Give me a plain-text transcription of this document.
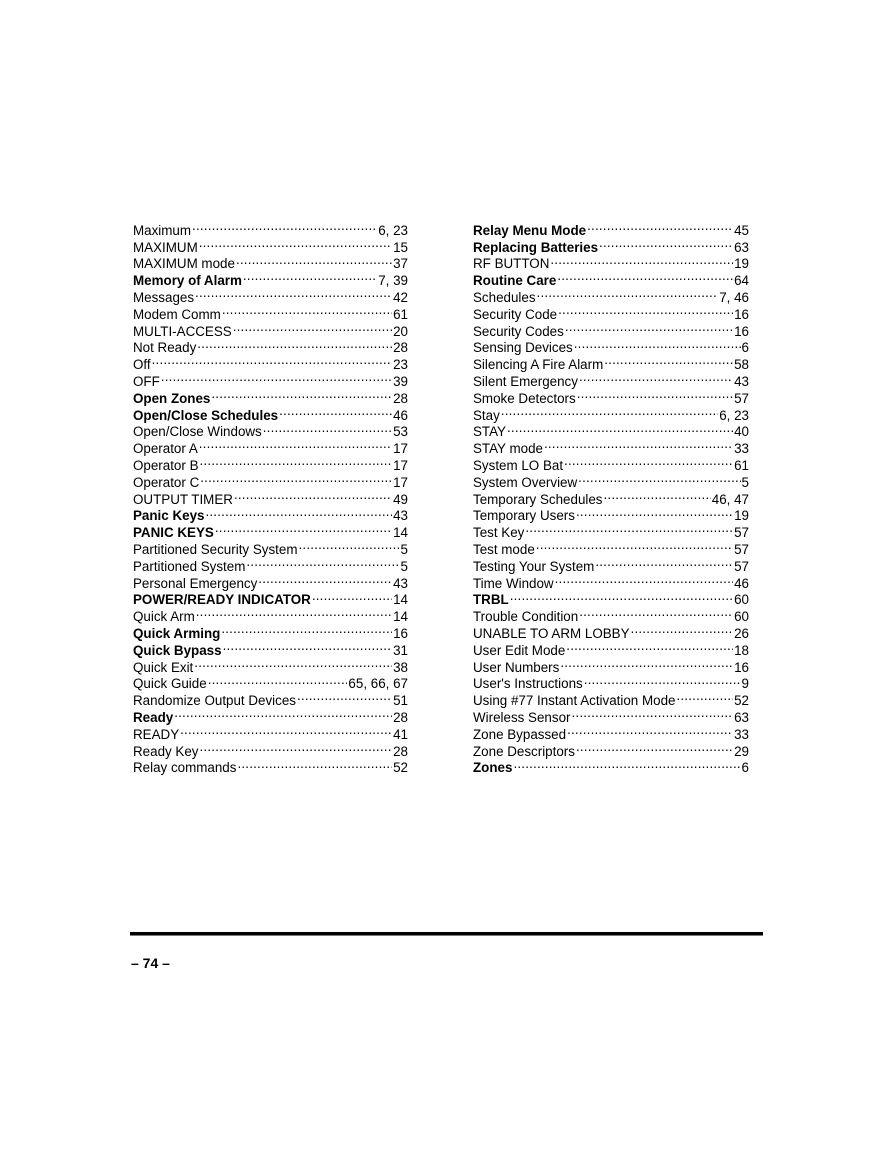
Maximum .....	6, 23
MAXIMUM .....	15
MAXIMUM mode .....	37
Memory of Alarm .....	7, 39
Messages .....	42
Modem Comm .....	61
MULTI-ACCESS .....	20
Not Ready .....	28
Off .....	23
OFF .....	39
Open Zones .....	28
Open/Close Schedules .....	46
Open/Close Windows .....	53
Operator A .....	17
Operator B .....	17
Operator C .....	17
OUTPUT TIMER .....	49
Panic Keys .....	43
PANIC KEYS .....	14
Partitioned Security System .....	5
Partitioned System .....	5
Personal Emergency .....	43
POWER/READY INDICATOR .....	14
Quick Arm .....	14
Quick Arming .....	16
Quick Bypass .....	31
Quick Exit .....	38
Quick Guide .....	65, 66, 67
Randomize Output Devices .....	51
Ready .....	28
READY .....	41
Ready Key .....	28
Relay commands .....	52
Relay Menu Mode .....	45
Replacing Batteries .....	63
RF BUTTON .....	19
Routine Care .....	64
Schedules .....	7, 46
Security Code .....	16
Security Codes .....	16
Sensing Devices .....	6
Silencing A Fire Alarm .....	58
Silent Emergency .....	43
Smoke Detectors .....	57
Stay .....	6, 23
STAY .....	40
STAY mode .....	33
System LO Bat .....	61
System Overview .....	5
Temporary Schedules .....	46, 47
Temporary Users .....	19
Test Key .....	57
Test mode .....	57
Testing Your System .....	57
Time Window .....	46
TRBL .....	60
Trouble Condition .....	60
UNABLE TO ARM LOBBY .....	26
User Edit Mode .....	18
User Numbers .....	16
User's Instructions .....	9
Using #77 Instant Activation Mode .....	52
Wireless Sensor .....	63
Zone Bypassed .....	33
Zone Descriptors .....	29
Zones .....	6
– 74 –
